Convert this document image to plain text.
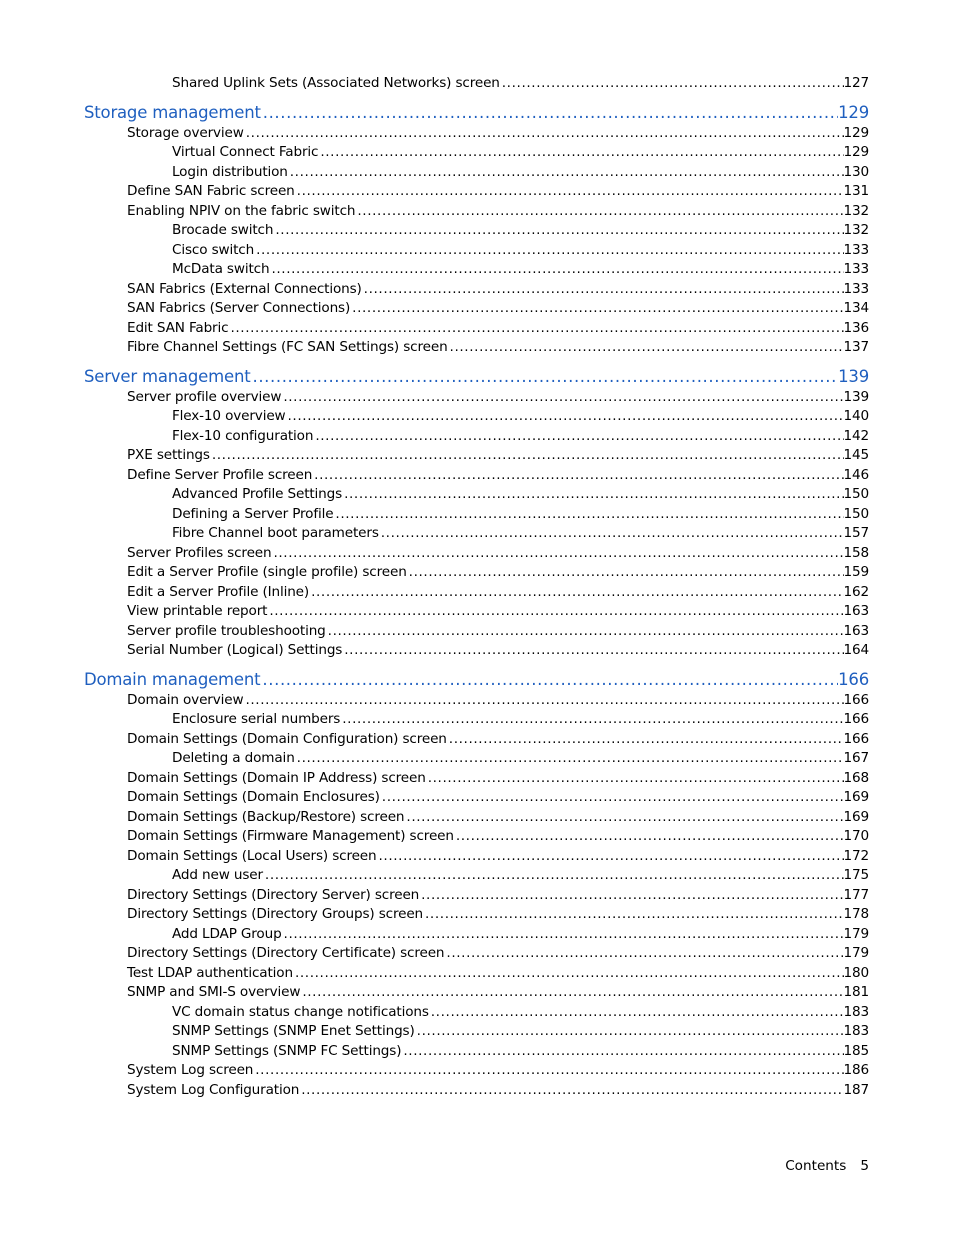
Shared Uplink Sets (Associated Networks) screen .....	127
Storage management .....	129
Storage overview .....	129
Virtual Connect Fabric .....	129
Login distribution .....	130
Define SAN Fabric screen .....	131
Enabling NPIV on the fabric switch .....	132
Brocade switch .....	132
Cisco switch .....	133
McData switch .....	133
SAN Fabrics (External Connections) .....	133
SAN Fabrics (Server Connections) .....	134
Edit SAN Fabric .....	136
Fibre Channel Settings (FC SAN Settings) screen .....	137
Server management .....	139
Server profile overview .....	139
Flex-10 overview .....	140
Flex-10 configuration .....	142
PXE settings .....	145
Define Server Profile screen .....	146
Advanced Profile Settings .....	150
Defining a Server Profile .....	150
Fibre Channel boot parameters .....	157
Server Profiles screen .....	158
Edit a Server Profile (single profile) screen .....	159
Edit a Server Profile (Inline) .....	162
View printable report .....	163
Server profile troubleshooting .....	163
Serial Number (Logical) Settings .....	164
Domain management .....	166
Domain overview .....	166
Enclosure serial numbers .....	166
Domain Settings (Domain Configuration) screen .....	166
Deleting a domain .....	167
Domain Settings (Domain IP Address) screen .....	168
Domain Settings (Domain Enclosures) .....	169
Domain Settings (Backup/Restore) screen .....	169
Domain Settings (Firmware Management) screen .....	170
Domain Settings (Local Users) screen .....	172
Add new user .....	175
Directory Settings (Directory Server) screen .....	177
Directory Settings (Directory Groups) screen .....	178
Add LDAP Group .....	179
Directory Settings (Directory Certificate) screen .....	179
Test LDAP authentication .....	180
SNMP and SMI-S overview .....	181
VC domain status change notifications .....	183
SNMP Settings (SNMP Enet Settings) .....	183
SNMP Settings (SNMP FC Settings) .....	185
System Log screen .....	186
System Log Configuration .....	187
Contents 5
